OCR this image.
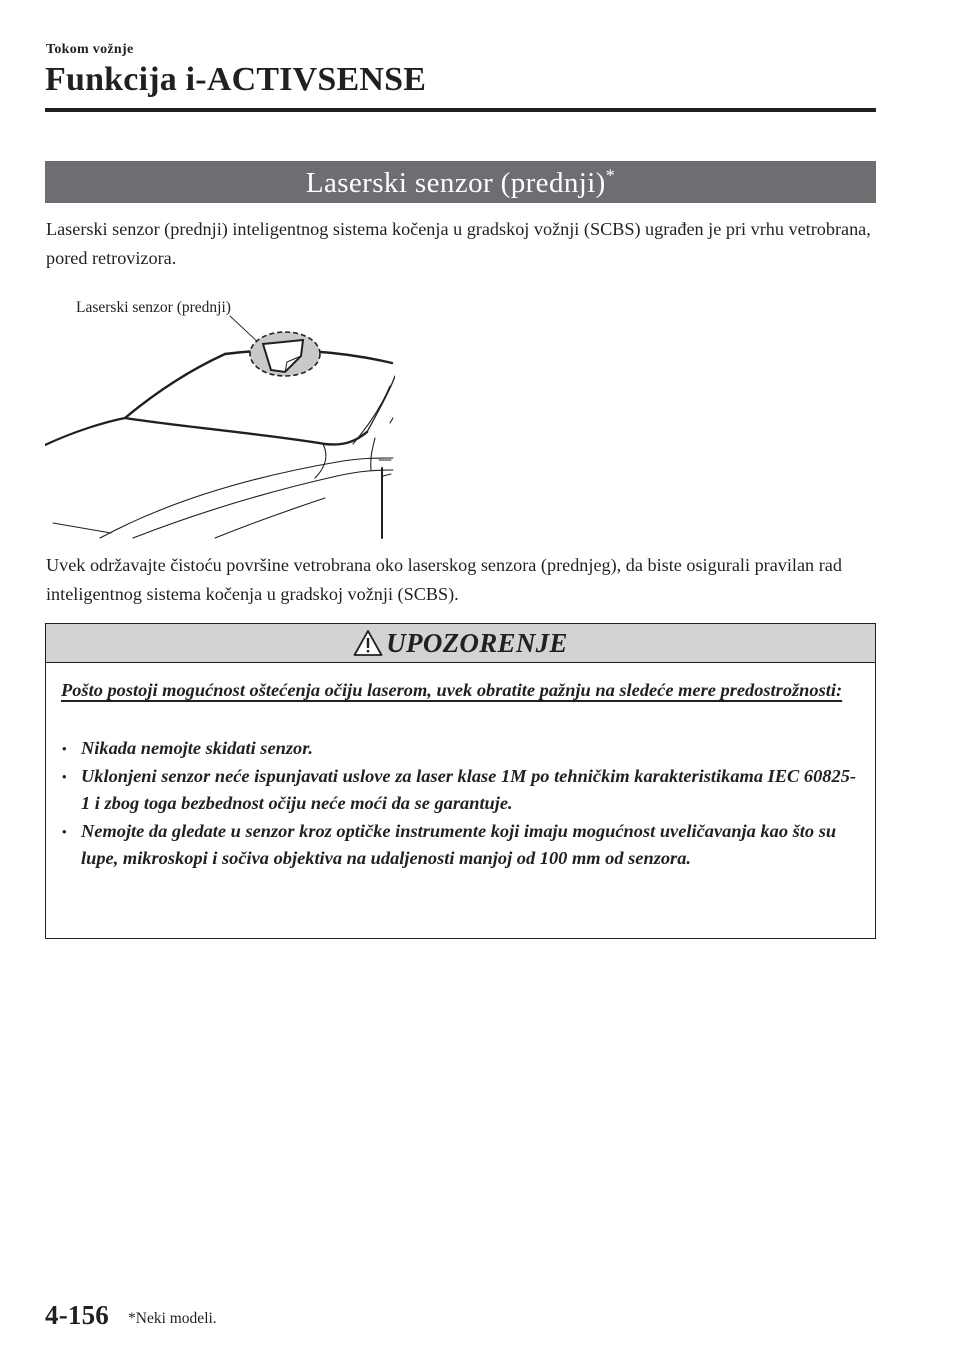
Tokom vožnje
Funkcija i-ACTIVSENSE
Laserski senzor (prednji)*
Laserski senzor (prednji) inteligentnog sistema kočenja u gradskoj vožnji (SCBS) ugrađen je pri vrhu vetrobrana, pored retrovizora.
Laserski senzor (prednji)
Uvek održavajte čistoću površine vetrobrana oko laserskog senzora (prednjeg), da biste osigurali pravilan rad inteligentnog sistema kočenja u gradskoj vožnji (SCBS).
UPOZORENJE
Pošto postoji mogućnost oštećenja očiju laserom, uvek obratite pažnju na sledeće mere predostrožnosti:
• Nikada nemojte skidati senzor.
• Uklonjeni senzor neće ispunjavati uslove za laser klase 1M po tehničkim karakteristikama IEC 60825-1 i zbog toga bezbednost očiju neće moći da se garantuje.
• Nemojte da gledate u senzor kroz optičke instrumente koji imaju mogućnost uveličavanja kao što su lupe, mikroskopi i sočiva objektiva na udaljenosti manjoj od 100 mm od senzora.
4-156 *Neki modeli.
